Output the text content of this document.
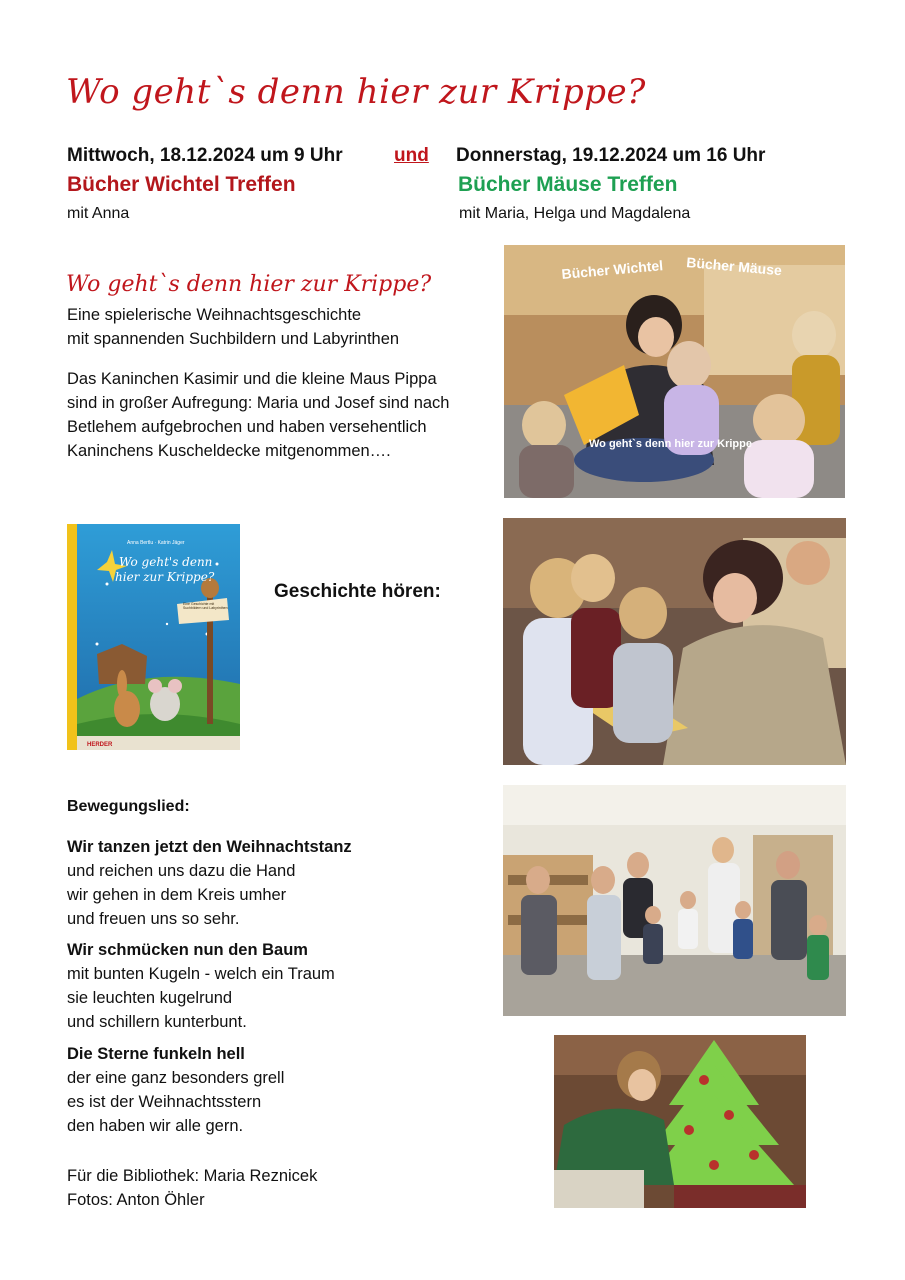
Wo geht`s denn hier zur Krippe?
Mittwoch, 18.12.2024 um 9 Uhr	und Donnerstag, 19.12.2024 um 16 Uhr
Bücher Wichtel Treffen	Bücher Mäuse Treffen
mit Anna	mit Maria, Helga und Magdalena
Wo geht`s denn hier zur Krippe?
Eine spielerische Weihnachtsgeschichte
mit spannenden Suchbildern und Labyrinthen
Das Kaninchen Kasimir und die kleine Maus Pippa
sind in großer Aufregung: Maria und Josef sind nach
Betlehem aufgebrochen und haben versehentlich
Kaninchens Kuscheldecke mitgenommen….
Bücher Wichtel Bücher Mäuse
Wo geht`s denn hier zur Krippe
Anna Bertlu · Katrin Jäger
Wo geht's denn
hier zur Krippe?
HERDER
Eine Geschichte mit Suchbildern und Labyrinthen
Geschichte hören:
Bewegungslied:
Wir tanzen jetzt den Weihnachtstanz
und reichen uns dazu die Hand
wir gehen in dem Kreis umher
und freuen uns so sehr.
Wir schmücken nun den Baum
mit bunten Kugeln - welch ein Traum
sie leuchten kugelrund
und schillern kunterbunt.
Die Sterne funkeln hell
der eine ganz besonders grell
es ist der Weihnachtsstern
den haben wir alle gern.
Für die Bibliothek: Maria Reznicek
Fotos: Anton Öhler
